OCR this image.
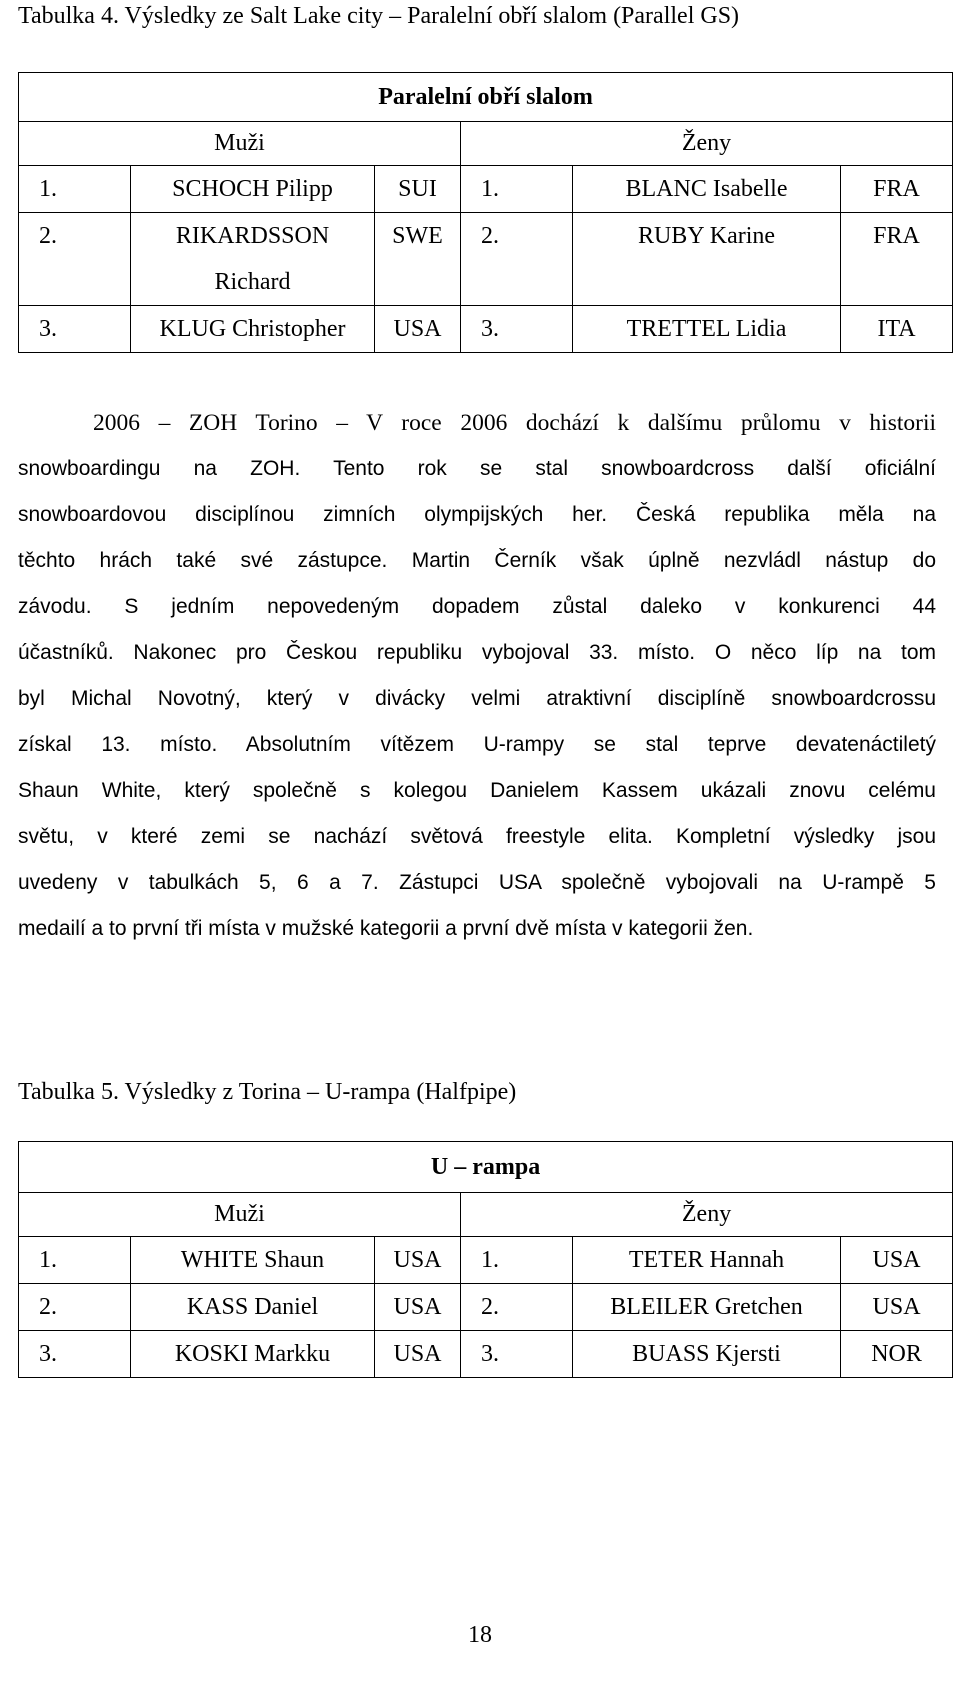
Tabulka 4. Výsledky ze Salt Lake city – Paralelní obří slalom (Parallel GS)
Paralelní obří slalom					
Muži			Ženy		
1.	SCHOCH Pilipp	SUI	1.	BLANC Isabelle	FRA
2.	RIKARDSSON Richard	SWE	2.	RUBY Karine	FRA
3.	KLUG Christopher	USA	3.	TRETTEL Lidia	ITA
2006 – ZOH Torino – V roce 2006 dochází k dalšímu průlomu v historii
snowboardingu na ZOH. Tento rok se stal snowboardcross další oficiální
snowboardovou disciplínou zimních olympijských her. Česká republika měla na
těchto hrách také své zástupce. Martin Černík však úplně nezvládl nástup do
závodu. S jedním nepovedeným dopadem zůstal daleko v konkurenci 44
účastníků. Nakonec pro Českou republiku vybojoval 33. místo. O něco líp na tom
byl Michal Novotný, který v divácky velmi atraktivní disciplíně snowboardcrossu
získal 13. místo. Absolutním vítězem U-rampy se stal teprve devatenáctiletý
Shaun White, který společně s kolegou Danielem Kassem ukázali znovu celému
světu, v které zemi se nachází světová freestyle elita. Kompletní výsledky jsou
uvedeny v tabulkách 5, 6 a 7. Zástupci USA společně vybojovali na U-rampě 5
medailí a to první tři místa v mužské kategorii a první dvě místa v kategorii žen.
Tabulka 5. Výsledky z Torina – U-rampa (Halfpipe)
U – rampa					
Muži			Ženy		
1.	WHITE Shaun	USA	1.	TETER Hannah	USA
2.	KASS Daniel	USA	2.	BLEILER Gretchen	USA
3.	KOSKI Markku	USA	3.	BUASS Kjersti	NOR
18
